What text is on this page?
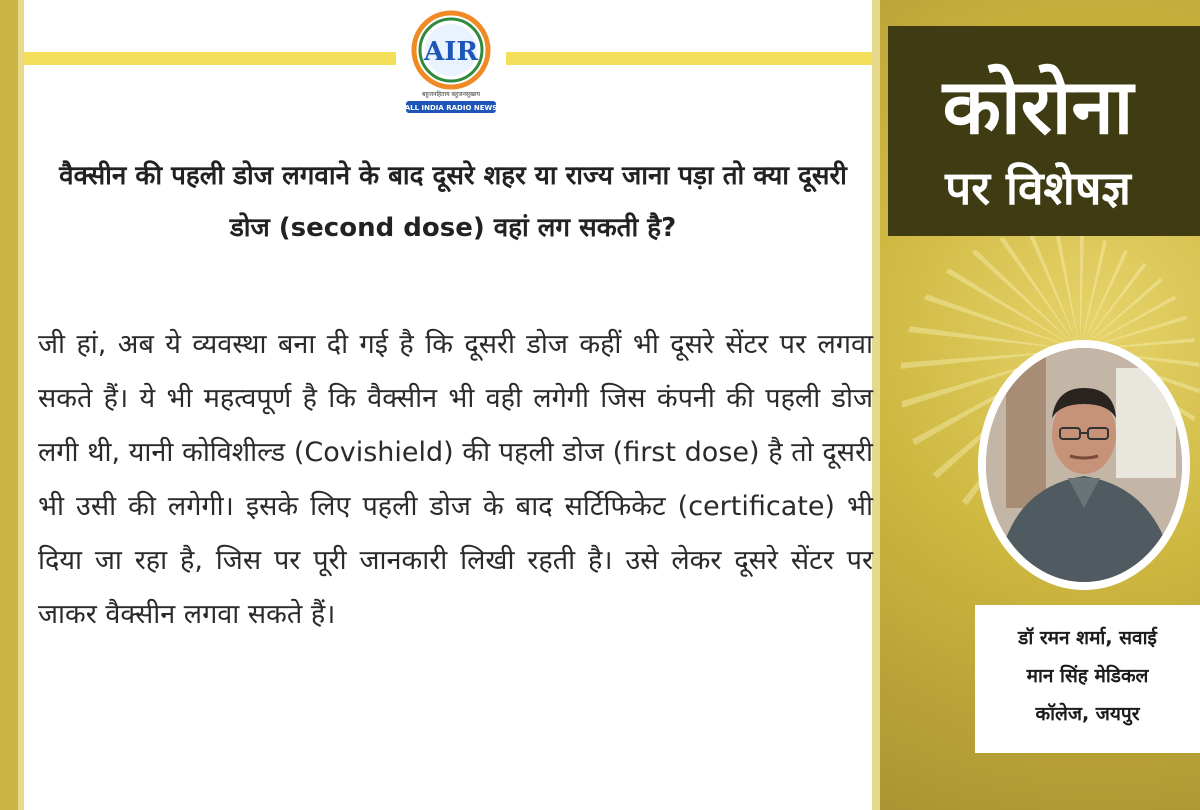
AIR
बहुजनहिताय बहुजनसुखाय
ALL INDIA RADIO NEWS

वैक्सीन की पहली डोज लगवाने के बाद दूसरे शहर या राज्य जाना पड़ा तो क्या दूसरी डोज (second dose) वहां लग सकती है?

जी हां, अब ये व्यवस्था बना दी गई है कि दूसरी डोज कहीं भी दूसरे सेंटर पर लगवा सकते हैं। ये भी महत्वपूर्ण है कि वैक्सीन भी वही लगेगी जिस कंपनी की पहली डोज लगी थी, यानी कोविशील्ड (Covishield) की पहली डोज (first dose) है तो दूसरी भी उसी की लगेगी। इसके लिए पहली डोज के बाद सर्टिफिकेट (certificate) भी दिया जा रहा है, जिस पर पूरी जानकारी लिखी रहती है। उसे लेकर दूसरे सेंटर पर जाकर वैक्सीन लगवा सकते हैं।

कोरोना
पर विशेषज्ञ
डॉ रमन शर्मा, सवाई
मान सिंह मेडिकल
कॉलेज, जयपुर
